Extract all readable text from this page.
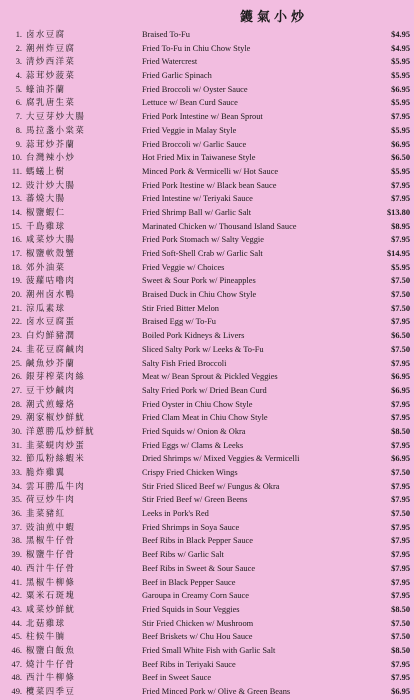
鑊氣小炒
1. 卤水豆腐	Braised To-Fu	$4.95
2. 潮州炸豆腐	Fried To-Fu in Chiu Chow Style	$4.95
3. 清炒西洋菜	Fried Watercrest	$5.95
4. 蒜茸炒菠菜	Fried Garlic Spinach	$5.95
5. 蠔油芥蘭	Fried Broccoli w/ Oyster Sauce	$6.95
6. 腐乳唐生菜	Lettuce w/ Bean Curd Sauce	$5.95
7. 大豆芽炒大腸	Fried Pork Intestine w/ Bean Sprout	$7.95
8. 馬拉盞小棠菜	Fried Veggie in Malay Style	$5.95
9. 蒜茸炒芥蘭	Fried Broccoli w/ Garlic Sauce	$6.95
10. 台灣辣小炒	Hot Fried Mix in Taiwanese Style	$6.50
11. 螞蟻上樹	Minced Pork & Vermicelli w/ Hot Sauce	$5.95
12. 豉汁炒大腸	Fried Pork Itestine w/ Black bean Sauce	$7.95
13. 蕃燒大腸	Fried Intestine w/ Teriyaki Sauce	$7.95
14. 椒鹽蝦仁	Fried Shrimp Ball w/ Garlic Salt	$13.80
15. 千島雞球	Marinated Chicken w/ Thousand Island Sauce	$8.95
16. 咸菜炒大腸	Fried Pork Stomach w/ Salty Veggie	$7.95
17. 椒鹽軟殼蟹	Fried Soft-Shell Crab w/ Garlic Salt	$14.95
18. 郊外油菜	Fried Veggie w/ Choices	$5.95
19. 菠蘿咕嚕肉	Sweet & Sour Pork w/ Pineapples	$7.50
20. 潮州卤水鴨	Braised Duck in Chiu Chow Style	$7.50
21. 涼瓜素球	Stir Fried Bitter Melon	$7.50
22. 卤水豆腐蛋	Braised Egg w/ To-Fu	$7.95
23. 白灼鮮豬潤	Boiled Pork Kidneys & Livers	$6.50
24. 韭花豆腐鹹肉	Sliced Salty Pork w/ Leeks & To-Fu	$7.50
25. 鹹魚炒芥蘭	Salty Fish Fried Broccoli	$7.95
26. 銀芽榨菜肉絲	Meat w/ Bean Sprout & Pickled Veggies	$6.95
27. 豆干炒鹹肉	Salty Fried Pork w/ Dried Bean Curd	$6.95
28. 潮式煎蠔烙	Fried Oyster in Chiu Chow Style	$7.95
29. 潮家椒炒鮮魷	Fried Clam Meat in Chiu Chow Style	$7.95
30. 洋蔥勝瓜炒鮮魷	Fried Squids w/ Onion & Okra	$8.50
31. 韭菜蜆肉炒蛋	Fried Eggs w/ Clams & Leeks	$7.95
32. 節瓜粉絲蝦米	Dried Shrimps w/ Mixed Veggies & Vermicelli	$6.95
33. 脆炸雞翼	Crispy Fried Chicken Wings	$7.50
34. 雲耳勝瓜牛肉	Stir Fried Sliced Beef w/ Fungus & Okra	$7.95
35. 荷豆炒牛肉	Stir Fried Beef w/ Green Beens	$7.95
36. 韭菜豬紅	Leeks in Pork's Red	$7.50
37. 豉油煎中蝦	Fried Shrimps in Soya Sauce	$7.95
38. 黑椒牛仔骨	Beef Ribs in Black Pepper Sauce	$7.95
39. 椒鹽牛仔骨	Beef Ribs w/ Garlic Salt	$7.95
40. 西汁牛仔骨	Beef Ribs in Sweet & Sour Sauce	$7.95
41. 黑椒牛柳條	Beef in Black Pepper Sauce	$7.95
42. 粟米石斑塊	Garoupa in Creamy Corn Sauce	$7.95
43. 咸菜炒鮮魷	Fried Squids in Sour Veggies	$8.50
44. 北菇雞球	Stir Fried Chicken w/ Mushroom	$7.50
45. 柱候牛腩	Beef Briskets w/ Chu Hou Sauce	$7.50
46. 椒鹽白飯魚	Fried Small White Fish with Garlic Salt	$8.50
47. 燒汁牛仔骨	Beef Ribs in Teriyaki Sauce	$7.95
48. 西汁牛柳條	Beef in Sweet Sauce	$7.95
49. 欖菜四季豆	Fried Minced Pork w/ Olive & Green Beans	$6.95
